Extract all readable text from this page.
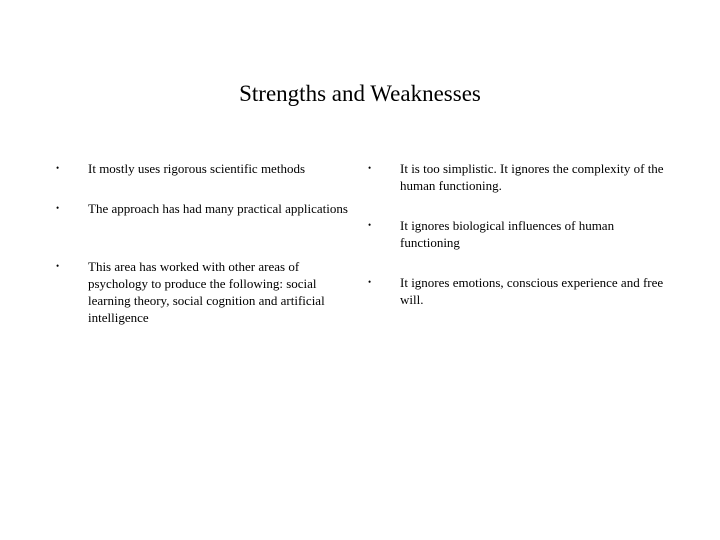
Strengths and Weaknesses
• It mostly uses rigorous scientific methods
• The approach has had many practical applications
• This area has worked with other areas of psychology to produce the following: social learning theory, social cognition and artificial intelligence
• It is too simplistic. It ignores the complexity of the human functioning.
• It ignores biological influences of human functioning
• It ignores emotions, conscious experience and free will.
